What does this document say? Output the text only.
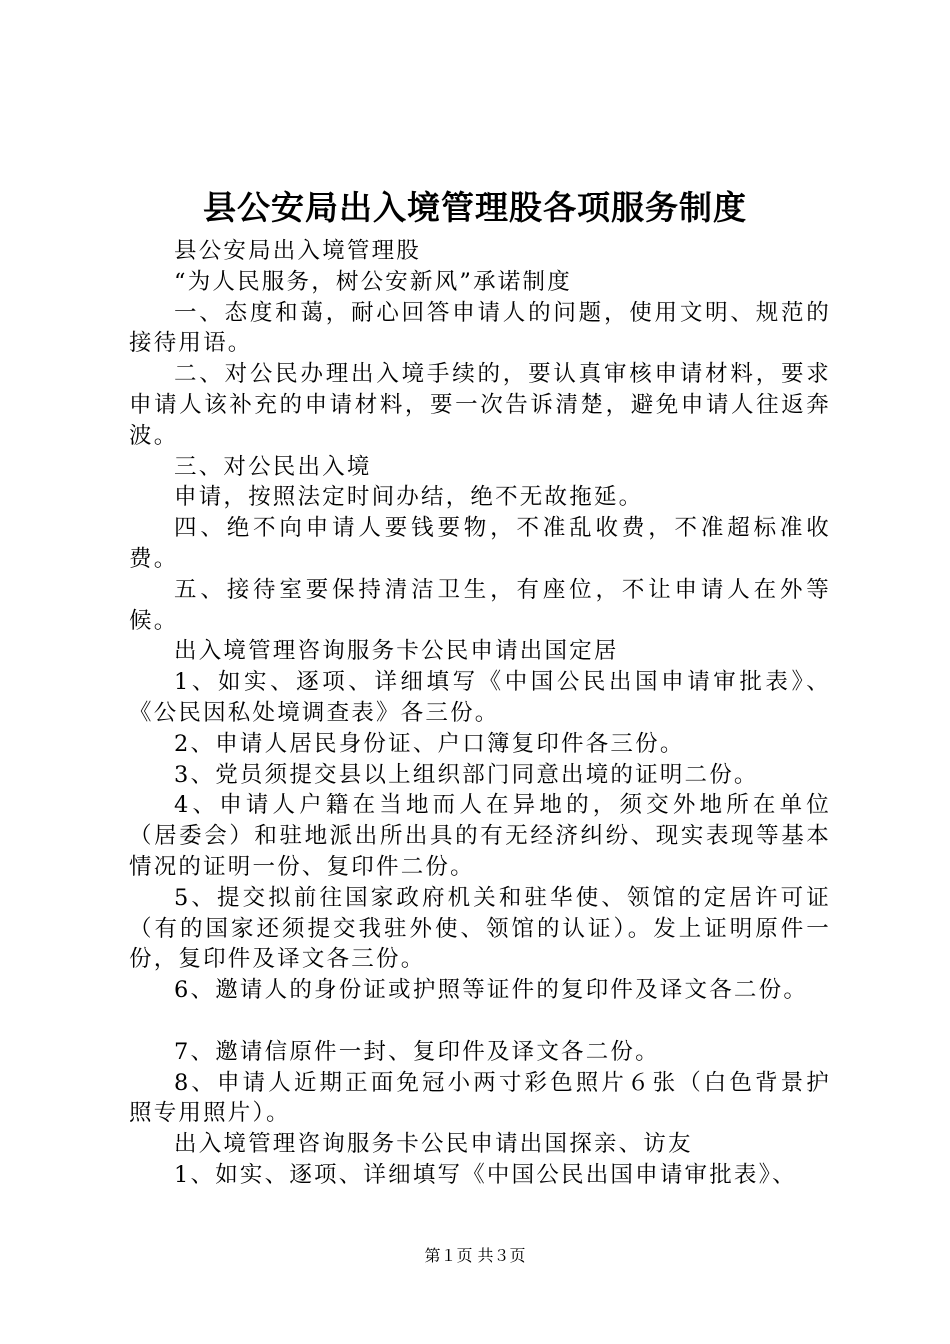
县公安局出入境管理股各项服务制度

县公安局出入境管理股

“为人民服务，树公安新风”承诺制度

一、态度和蔼，耐心回答申请人的问题，使用文明、规范的接待用语。

二、对公民办理出入境手续的，要认真审核申请材料，要求申请人该补充的申请材料，要一次告诉清楚，避免申请人往返奔波。

三、对公民出入境

申请，按照法定时间办结，绝不无故拖延。

四、绝不向申请人要钱要物，不准乱收费，不准超标准收费。

五、接待室要保持清洁卫生，有座位，不让申请人在外等候。

出入境管理咨询服务卡公民申请出国定居

1、如实、逐项、详细填写《中国公民出国申请审批表》、《公民因私处境调查表》各三份。

2、申请人居民身份证、户口簿复印件各三份。

3、党员须提交县以上组织部门同意出境的证明二份。

4、申请人户籍在当地而人在异地的，须交外地所在单位（居委会）和驻地派出所出具的有无经济纠纷、现实表现等基本情况的证明一份、复印件二份。

5、提交拟前往国家政府机关和驻华使、领馆的定居许可证（有的国家还须提交我驻外使、领馆的认证）。发上证明原件一份，复印件及译文各三份。

6、邀请人的身份证或护照等证件的复印件及译文各二份。

7、邀请信原件一封、复印件及译文各二份。

8、申请人近期正面免冠小两寸彩色照片６张（白色背景护照专用照片）。

出入境管理咨询服务卡公民申请出国探亲、访友

1、如实、逐项、详细填写《中国公民出国申请审批表》、

第１页 共３页
